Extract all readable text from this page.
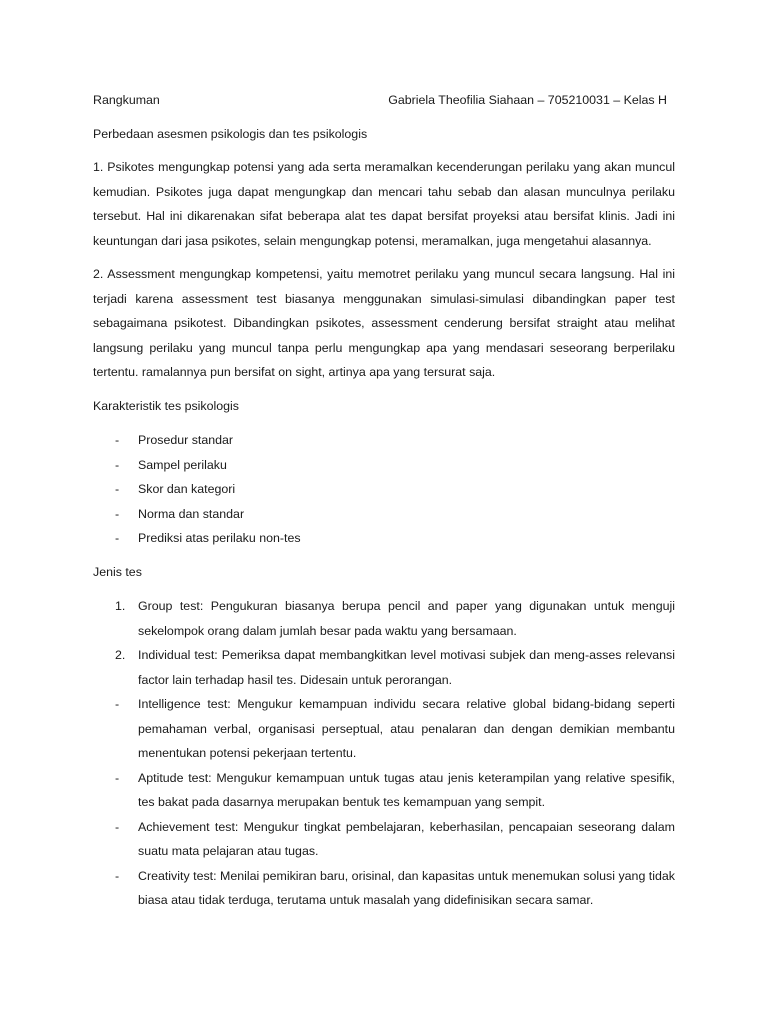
Rangkuman	Gabriela Theofilia Siahaan – 705210031 – Kelas H
Perbedaan asesmen psikologis dan tes psikologis

1. Psikotes mengungkap potensi yang ada serta meramalkan kecenderungan perilaku yang akan muncul kemudian. Psikotes juga dapat mengungkap dan mencari tahu sebab dan alasan munculnya perilaku tersebut. Hal ini dikarenakan sifat beberapa alat tes dapat bersifat proyeksi atau bersifat klinis. Jadi ini keuntungan dari jasa psikotes, selain mengungkap potensi, meramalkan, juga mengetahui alasannya.

2. Assessment mengungkap kompetensi, yaitu memotret perilaku yang muncul secara langsung. Hal ini terjadi karena assessment test biasanya menggunakan simulasi-simulasi dibandingkan paper test sebagaimana psikotest. Dibandingkan psikotes, assessment cenderung bersifat straight atau melihat langsung perilaku yang muncul tanpa perlu mengungkap apa yang mendasari seseorang berperilaku tertentu. ramalannya pun bersifat on sight, artinya apa yang tersurat saja.

Karakteristik tes psikologis
- Prosedur standar
- Sampel perilaku
- Skor dan kategori
- Norma dan standar
- Prediksi atas perilaku non-tes
Jenis tes
1. Group test: Pengukuran biasanya berupa pencil and paper yang digunakan untuk menguji sekelompok orang dalam jumlah besar pada waktu yang bersamaan.
2. Individual test: Pemeriksa dapat membangkitkan level motivasi subjek dan meng-asses relevansi factor lain terhadap hasil tes. Didesain untuk perorangan.
- Intelligence test: Mengukur kemampuan individu secara relative global bidang-bidang seperti pemahaman verbal, organisasi perseptual, atau penalaran dan dengan demikian membantu menentukan potensi pekerjaan tertentu.
- Aptitude test: Mengukur kemampuan untuk tugas atau jenis keterampilan yang relative spesifik, tes bakat pada dasarnya merupakan bentuk tes kemampuan yang sempit.
- Achievement test: Mengukur tingkat pembelajaran, keberhasilan, pencapaian seseorang dalam suatu mata pelajaran atau tugas.
- Creativity test: Menilai pemikiran baru, orisinal, dan kapasitas untuk menemukan solusi yang tidak biasa atau tidak terduga, terutama untuk masalah yang didefinisikan secara samar.
